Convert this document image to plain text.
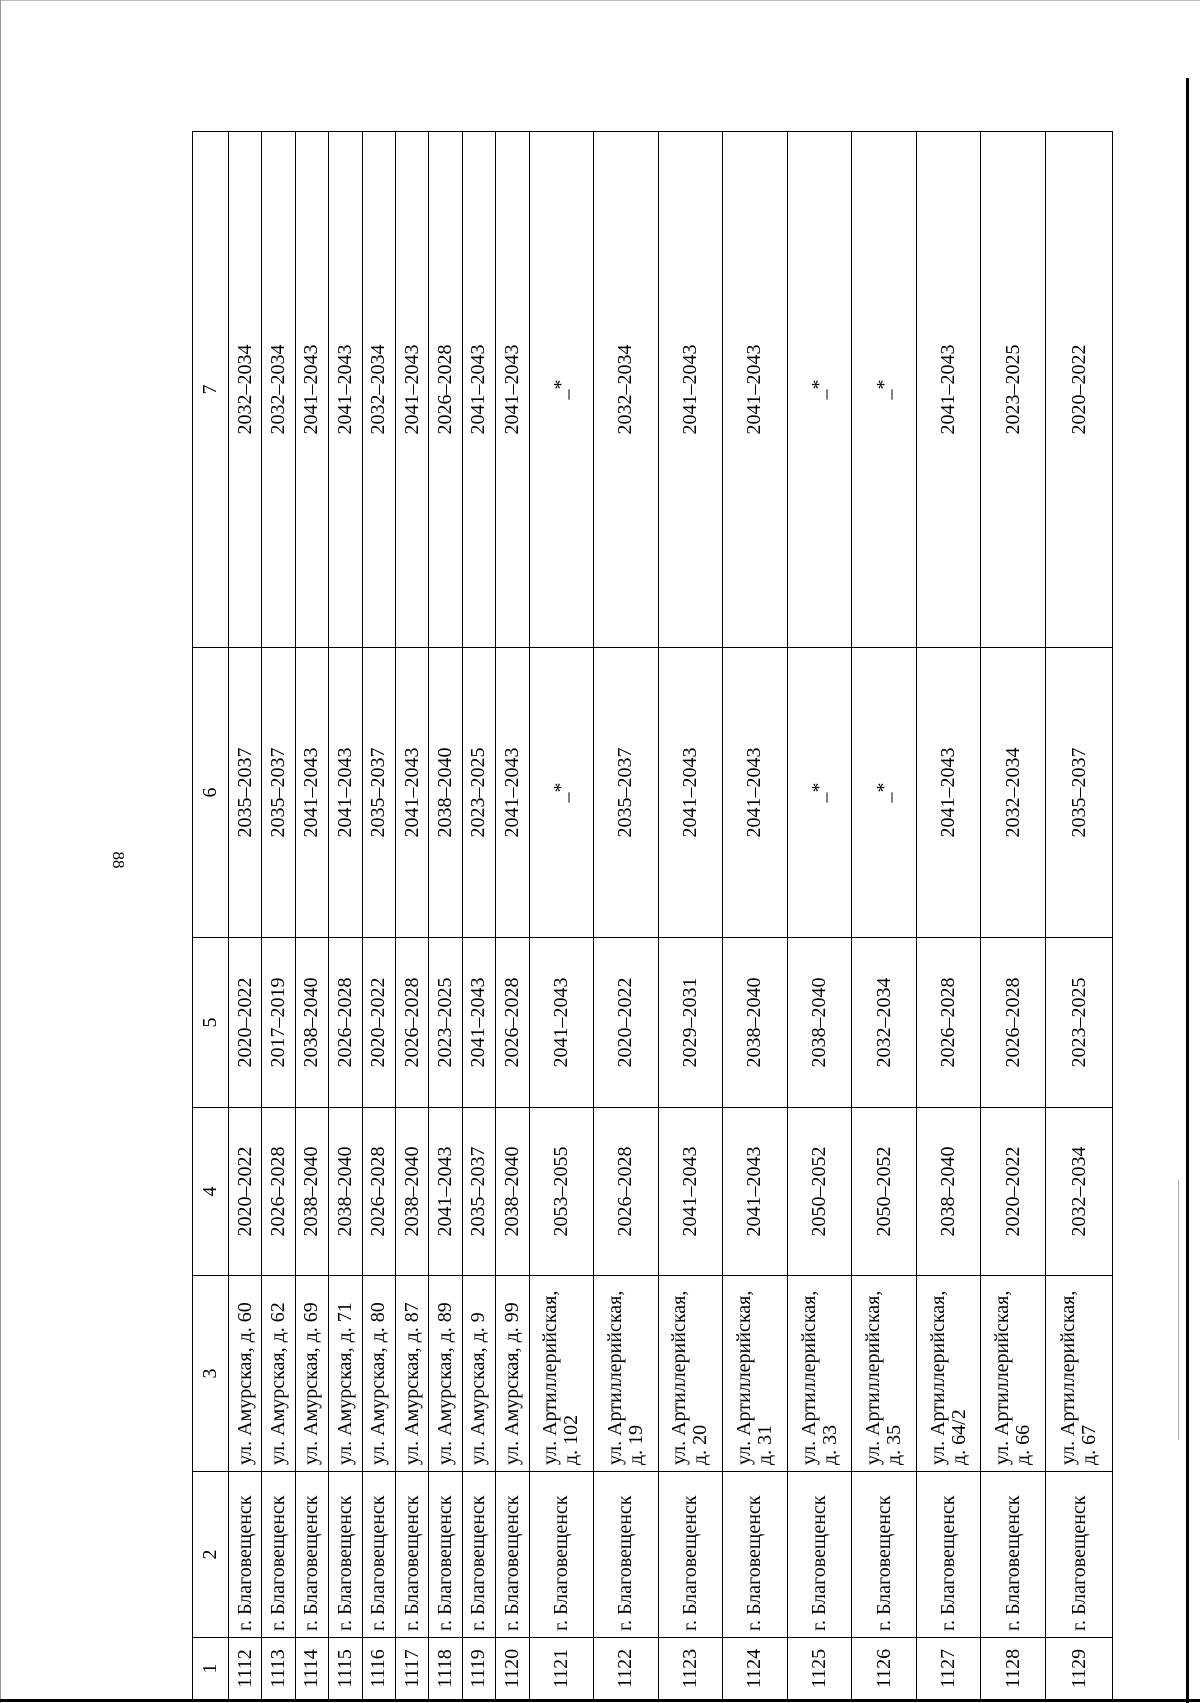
88
1	2	3	4	5	6	7
1112	г. Благовещенск	ул. Амурская, д. 60	2020–2022	2020–2022	2035–2037	2032–2034
1113	г. Благовещенск	ул. Амурская, д. 62	2026–2028	2017–2019	2035–2037	2032–2034
1114	г. Благовещенск	ул. Амурская, д. 69	2038–2040	2038–2040	2041–2043	2041–2043
1115	г. Благовещенск	ул. Амурская, д. 71	2038–2040	2026–2028	2041–2043	2041–2043
1116	г. Благовещенск	ул. Амурская, д. 80	2026–2028	2020–2022	2035–2037	2032–2034
1117	г. Благовещенск	ул. Амурская, д. 87	2038–2040	2026–2028	2041–2043	2041–2043
1118	г. Благовещенск	ул. Амурская, д. 89	2041–2043	2023–2025	2038–2040	2026–2028
1119	г. Благовещенск	ул. Амурская, д. 9	2035–2037	2041–2043	2023–2025	2041–2043
1120	г. Благовещенск	ул. Амурская, д. 99	2038–2040	2026–2028	2041–2043	2041–2043
1121	г. Благовещенск	ул. Артиллерийская, д. 102	2053–2055	2041–2043	_*	_*
1122	г. Благовещенск	ул. Артиллерийская, д. 19	2026–2028	2020–2022	2035–2037	2032–2034
1123	г. Благовещенск	ул. Артиллерийская, д. 20	2041–2043	2029–2031	2041–2043	2041–2043
1124	г. Благовещенск	ул. Артиллерийская, д. 31	2041–2043	2038–2040	2041–2043	2041–2043
1125	г. Благовещенск	ул. Артиллерийская, д. 33	2050–2052	2038–2040	_*	_*
1126	г. Благовещенск	ул. Артиллерийская, д. 35	2050–2052	2032–2034	_*	_*
1127	г. Благовещенск	ул. Артиллерийская, д. 64/2	2038–2040	2026–2028	2041–2043	2041–2043
1128	г. Благовещенск	ул. Артиллерийская, д. 66	2020–2022	2026–2028	2032–2034	2023–2025
1129	г. Благовещенск	ул. Артиллерийская, д. 67	2032–2034	2023–2025	2035–2037	2020–2022
